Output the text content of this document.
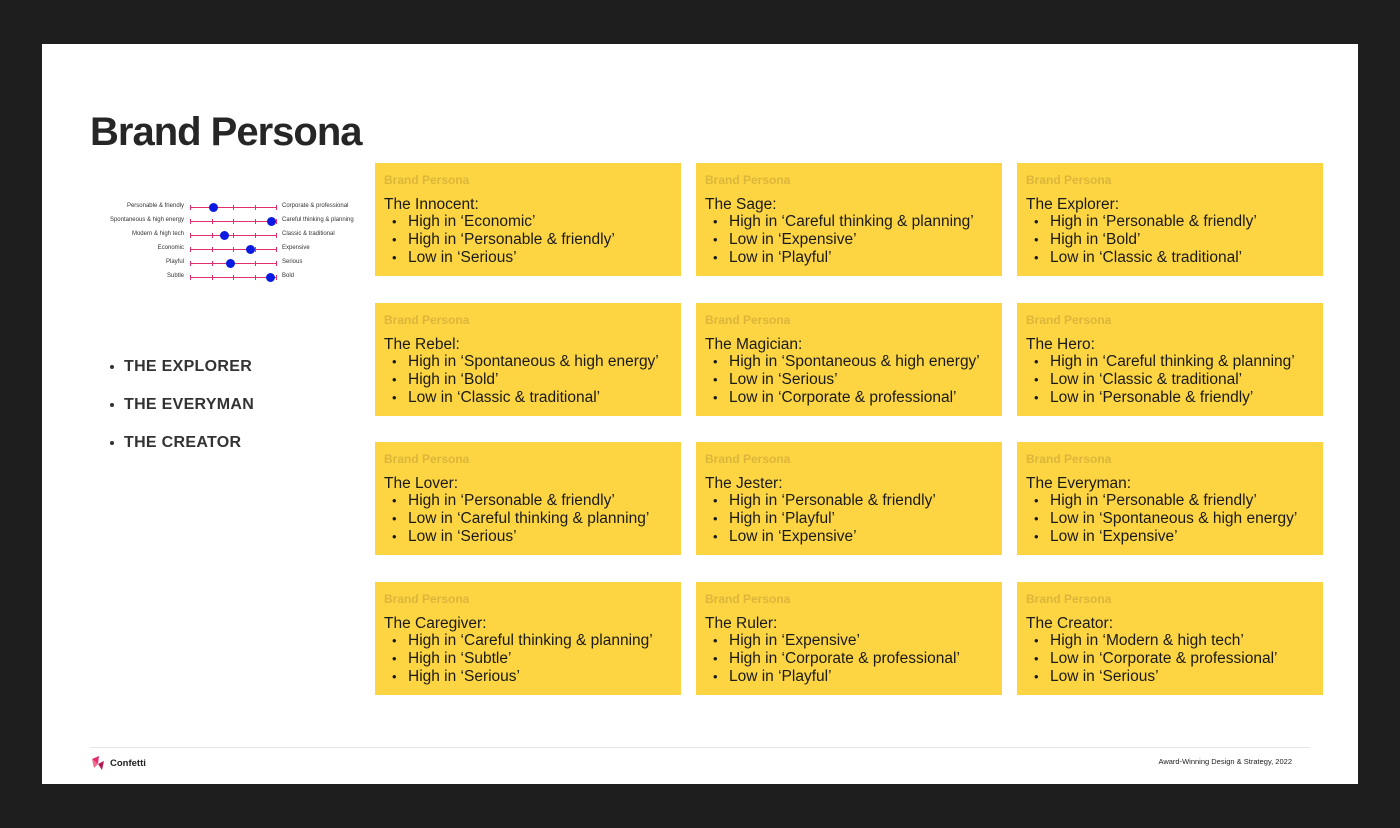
Brand Persona
Personable & friendly	Corporate & professional
Spontaneous & high energy	Careful thinking & planning
Modern & high tech	Classic & traditional
Economic	Expensive
Playful	Serious
Subtle	Bold
THE EXPLORER
THE EVERYMAN
THE CREATOR
Brand Persona
The Innocent:
• High in ‘Economic’
• High in ‘Personable & friendly’
• Low in ‘Serious’
Brand Persona
The Sage:
• High in ‘Careful thinking & planning’
• Low in ‘Expensive’
• Low in ‘Playful’
Brand Persona
The Explorer:
• High in ‘Personable & friendly’
• High in ‘Bold’
• Low in ‘Classic & traditional’
Brand Persona
The Rebel:
• High in ‘Spontaneous & high energy’
• High in ‘Bold’
• Low in ‘Classic & traditional’
Brand Persona
The Magician:
• High in ‘Spontaneous & high energy’
• Low in ‘Serious’
• Low in ‘Corporate & professional’
Brand Persona
The Hero:
• High in ‘Careful thinking & planning’
• Low in ‘Classic & traditional’
• Low in ‘Personable & friendly’
Brand Persona
The Lover:
• High in ‘Personable & friendly’
• Low in ‘Careful thinking & planning’
• Low in ‘Serious’
Brand Persona
The Jester:
• High in ‘Personable & friendly’
• High in ‘Playful’
• Low in ‘Expensive’
Brand Persona
The Everyman:
• High in ‘Personable & friendly’
• Low in ‘Spontaneous & high energy’
• Low in ‘Expensive’
Brand Persona
The Caregiver:
• High in ‘Careful thinking & planning’
• High in ‘Subtle’
• High in ‘Serious’
Brand Persona
The Ruler:
• High in ‘Expensive’
• High in ‘Corporate & professional’
• Low in ‘Playful’
Brand Persona
The Creator:
• High in ‘Modern & high tech’
• Low in ‘Corporate & professional’
• Low in ‘Serious’
Confetti	Award-Winning Design & Strategy, 2022
